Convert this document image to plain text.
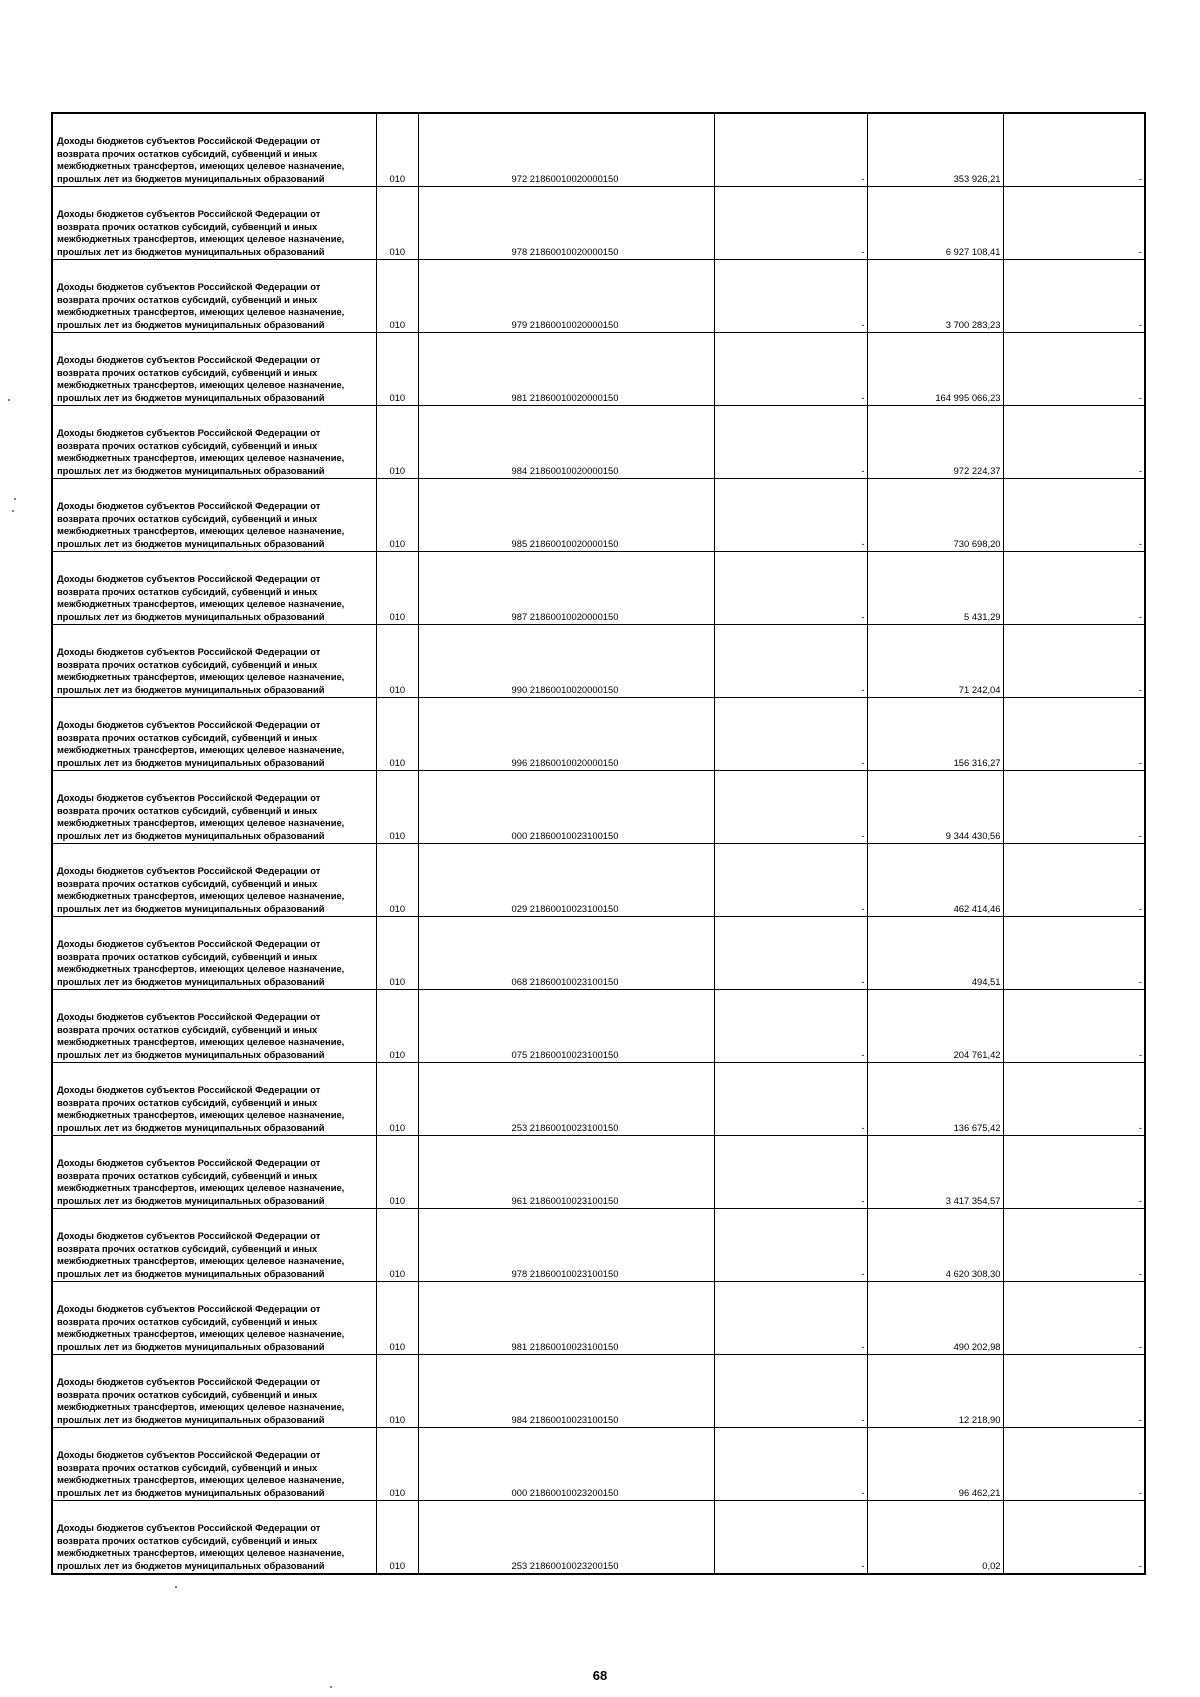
Доходы бюджетов субъектов Российской Федерации от
возврата прочих остатков субсидий, субвенций и иных
межбюджетных трансфертов, имеющих целевое назначение,
прошлых лет из бюджетов муниципальных образований	010	972 21860010020000150	-	353 926,21	-

Доходы бюджетов субъектов Российской Федерации от
возврата прочих остатков субсидий, субвенций и иных
межбюджетных трансфертов, имеющих целевое назначение,
прошлых лет из бюджетов муниципальных образований	010	978 21860010020000150	-	6 927 108,41	-

Доходы бюджетов субъектов Российской Федерации от
возврата прочих остатков субсидий, субвенций и иных
межбюджетных трансфертов, имеющих целевое назначение,
прошлых лет из бюджетов муниципальных образований	010	979 21860010020000150	-	3 700 283,23	-

Доходы бюджетов субъектов Российской Федерации от
возврата прочих остатков субсидий, субвенций и иных
межбюджетных трансфертов, имеющих целевое назначение,
прошлых лет из бюджетов муниципальных образований	010	981 21860010020000150	-	164 995 066,23	-

Доходы бюджетов субъектов Российской Федерации от
возврата прочих остатков субсидий, субвенций и иных
межбюджетных трансфертов, имеющих целевое назначение,
прошлых лет из бюджетов муниципальных образований	010	984 21860010020000150	-	972 224,37	-

Доходы бюджетов субъектов Российской Федерации от
возврата прочих остатков субсидий, субвенций и иных
межбюджетных трансфертов, имеющих целевое назначение,
прошлых лет из бюджетов муниципальных образований	010	985 21860010020000150	-	730 698,20	-

Доходы бюджетов субъектов Российской Федерации от
возврата прочих остатков субсидий, субвенций и иных
межбюджетных трансфертов, имеющих целевое назначение,
прошлых лет из бюджетов муниципальных образований	010	987 21860010020000150	-	5 431,29	-

Доходы бюджетов субъектов Российской Федерации от
возврата прочих остатков субсидий, субвенций и иных
межбюджетных трансфертов, имеющих целевое назначение,
прошлых лет из бюджетов муниципальных образований	010	990 21860010020000150	-	71 242,04	-

Доходы бюджетов субъектов Российской Федерации от
возврата прочих остатков субсидий, субвенций и иных
межбюджетных трансфертов, имеющих целевое назначение,
прошлых лет из бюджетов муниципальных образований	010	996 21860010020000150	-	156 316,27	-

Доходы бюджетов субъектов Российской Федерации от
возврата прочих остатков субсидий, субвенций и иных
межбюджетных трансфертов, имеющих целевое назначение,
прошлых лет из бюджетов муниципальных образований	010	000 21860010023100150	-	9 344 430,56	-

Доходы бюджетов субъектов Российской Федерации от
возврата прочих остатков субсидий, субвенций и иных
межбюджетных трансфертов, имеющих целевое назначение,
прошлых лет из бюджетов муниципальных образований	010	029 21860010023100150	-	462 414,46	-

Доходы бюджетов субъектов Российской Федерации от
возврата прочих остатков субсидий, субвенций и иных
межбюджетных трансфертов, имеющих целевое назначение,
прошлых лет из бюджетов муниципальных образований	010	068 21860010023100150	-	494,51	-

Доходы бюджетов субъектов Российской Федерации от
возврата прочих остатков субсидий, субвенций и иных
межбюджетных трансфертов, имеющих целевое назначение,
прошлых лет из бюджетов муниципальных образований	010	075 21860010023100150	-	204 761,42	-

Доходы бюджетов субъектов Российской Федерации от
возврата прочих остатков субсидий, субвенций и иных
межбюджетных трансфертов, имеющих целевое назначение,
прошлых лет из бюджетов муниципальных образований	010	253 21860010023100150	-	136 675,42	-

Доходы бюджетов субъектов Российской Федерации от
возврата прочих остатков субсидий, субвенций и иных
межбюджетных трансфертов, имеющих целевое назначение,
прошлых лет из бюджетов муниципальных образований	010	961 21860010023100150	-	3 417 354,57	-

Доходы бюджетов субъектов Российской Федерации от
возврата прочих остатков субсидий, субвенций и иных
межбюджетных трансфертов, имеющих целевое назначение,
прошлых лет из бюджетов муниципальных образований	010	978 21860010023100150	-	4 620 308,30	-

Доходы бюджетов субъектов Российской Федерации от
возврата прочих остатков субсидий, субвенций и иных
межбюджетных трансфертов, имеющих целевое назначение,
прошлых лет из бюджетов муниципальных образований	010	981 21860010023100150	-	490 202,98	-

Доходы бюджетов субъектов Российской Федерации от
возврата прочих остатков субсидий, субвенций и иных
межбюджетных трансфертов, имеющих целевое назначение,
прошлых лет из бюджетов муниципальных образований	010	984 21860010023100150	-	12 218,90	-

Доходы бюджетов субъектов Российской Федерации от
возврата прочих остатков субсидий, субвенций и иных
межбюджетных трансфертов, имеющих целевое назначение,
прошлых лет из бюджетов муниципальных образований	010	000 21860010023200150	-	96 462,21	-

Доходы бюджетов субъектов Российской Федерации от
возврата прочих остатков субсидий, субвенций и иных
межбюджетных трансфертов, имеющих целевое назначение,
прошлых лет из бюджетов муниципальных образований	010	253 21860010023200150	-	0,02	-
68
